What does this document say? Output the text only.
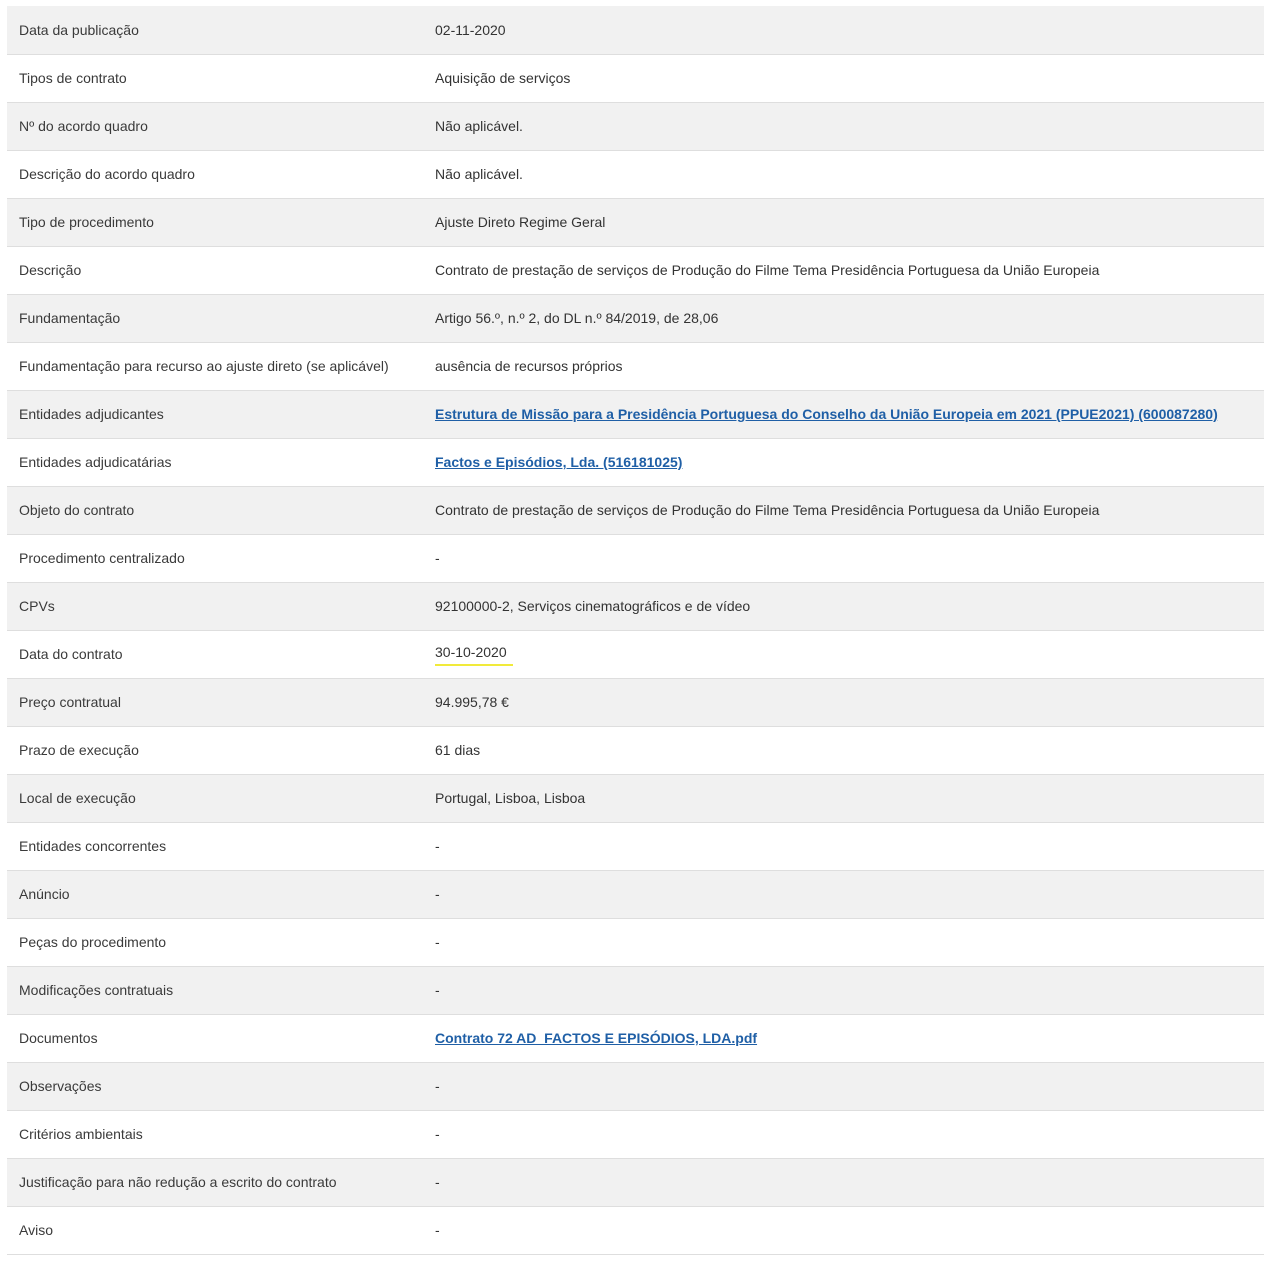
Data da publicação	02-11-2020
Tipos de contrato	Aquisição de serviços
Nº do acordo quadro	Não aplicável.
Descrição do acordo quadro	Não aplicável.
Tipo de procedimento	Ajuste Direto Regime Geral
Descrição	Contrato de prestação de serviços de Produção do Filme Tema Presidência Portuguesa da União Europeia
Fundamentação	Artigo 56.º, n.º 2, do DL n.º 84/2019, de 28,06
Fundamentação para recurso ao ajuste direto (se aplicável)	ausência de recursos próprios
Entidades adjudicantes	Estrutura de Missão para a Presidência Portuguesa do Conselho da União Europeia em 2021 (PPUE2021) (600087280)
Entidades adjudicatárias	Factos e Episódios, Lda. (516181025)
Objeto do contrato	Contrato de prestação de serviços de Produção do Filme Tema Presidência Portuguesa da União Europeia
Procedimento centralizado	-
CPVs	92100000-2, Serviços cinematográficos e de vídeo
Data do contrato	30-10-2020
Preço contratual	94.995,78 €
Prazo de execução	61 dias
Local de execução	Portugal, Lisboa, Lisboa
Entidades concorrentes	-
Anúncio	-
Peças do procedimento	-
Modificações contratuais	-
Documentos	Contrato 72 AD_FACTOS E EPISÓDIOS, LDA.pdf
Observações	-
Critérios ambientais	-
Justificação para não redução a escrito do contrato	-
Aviso	-
